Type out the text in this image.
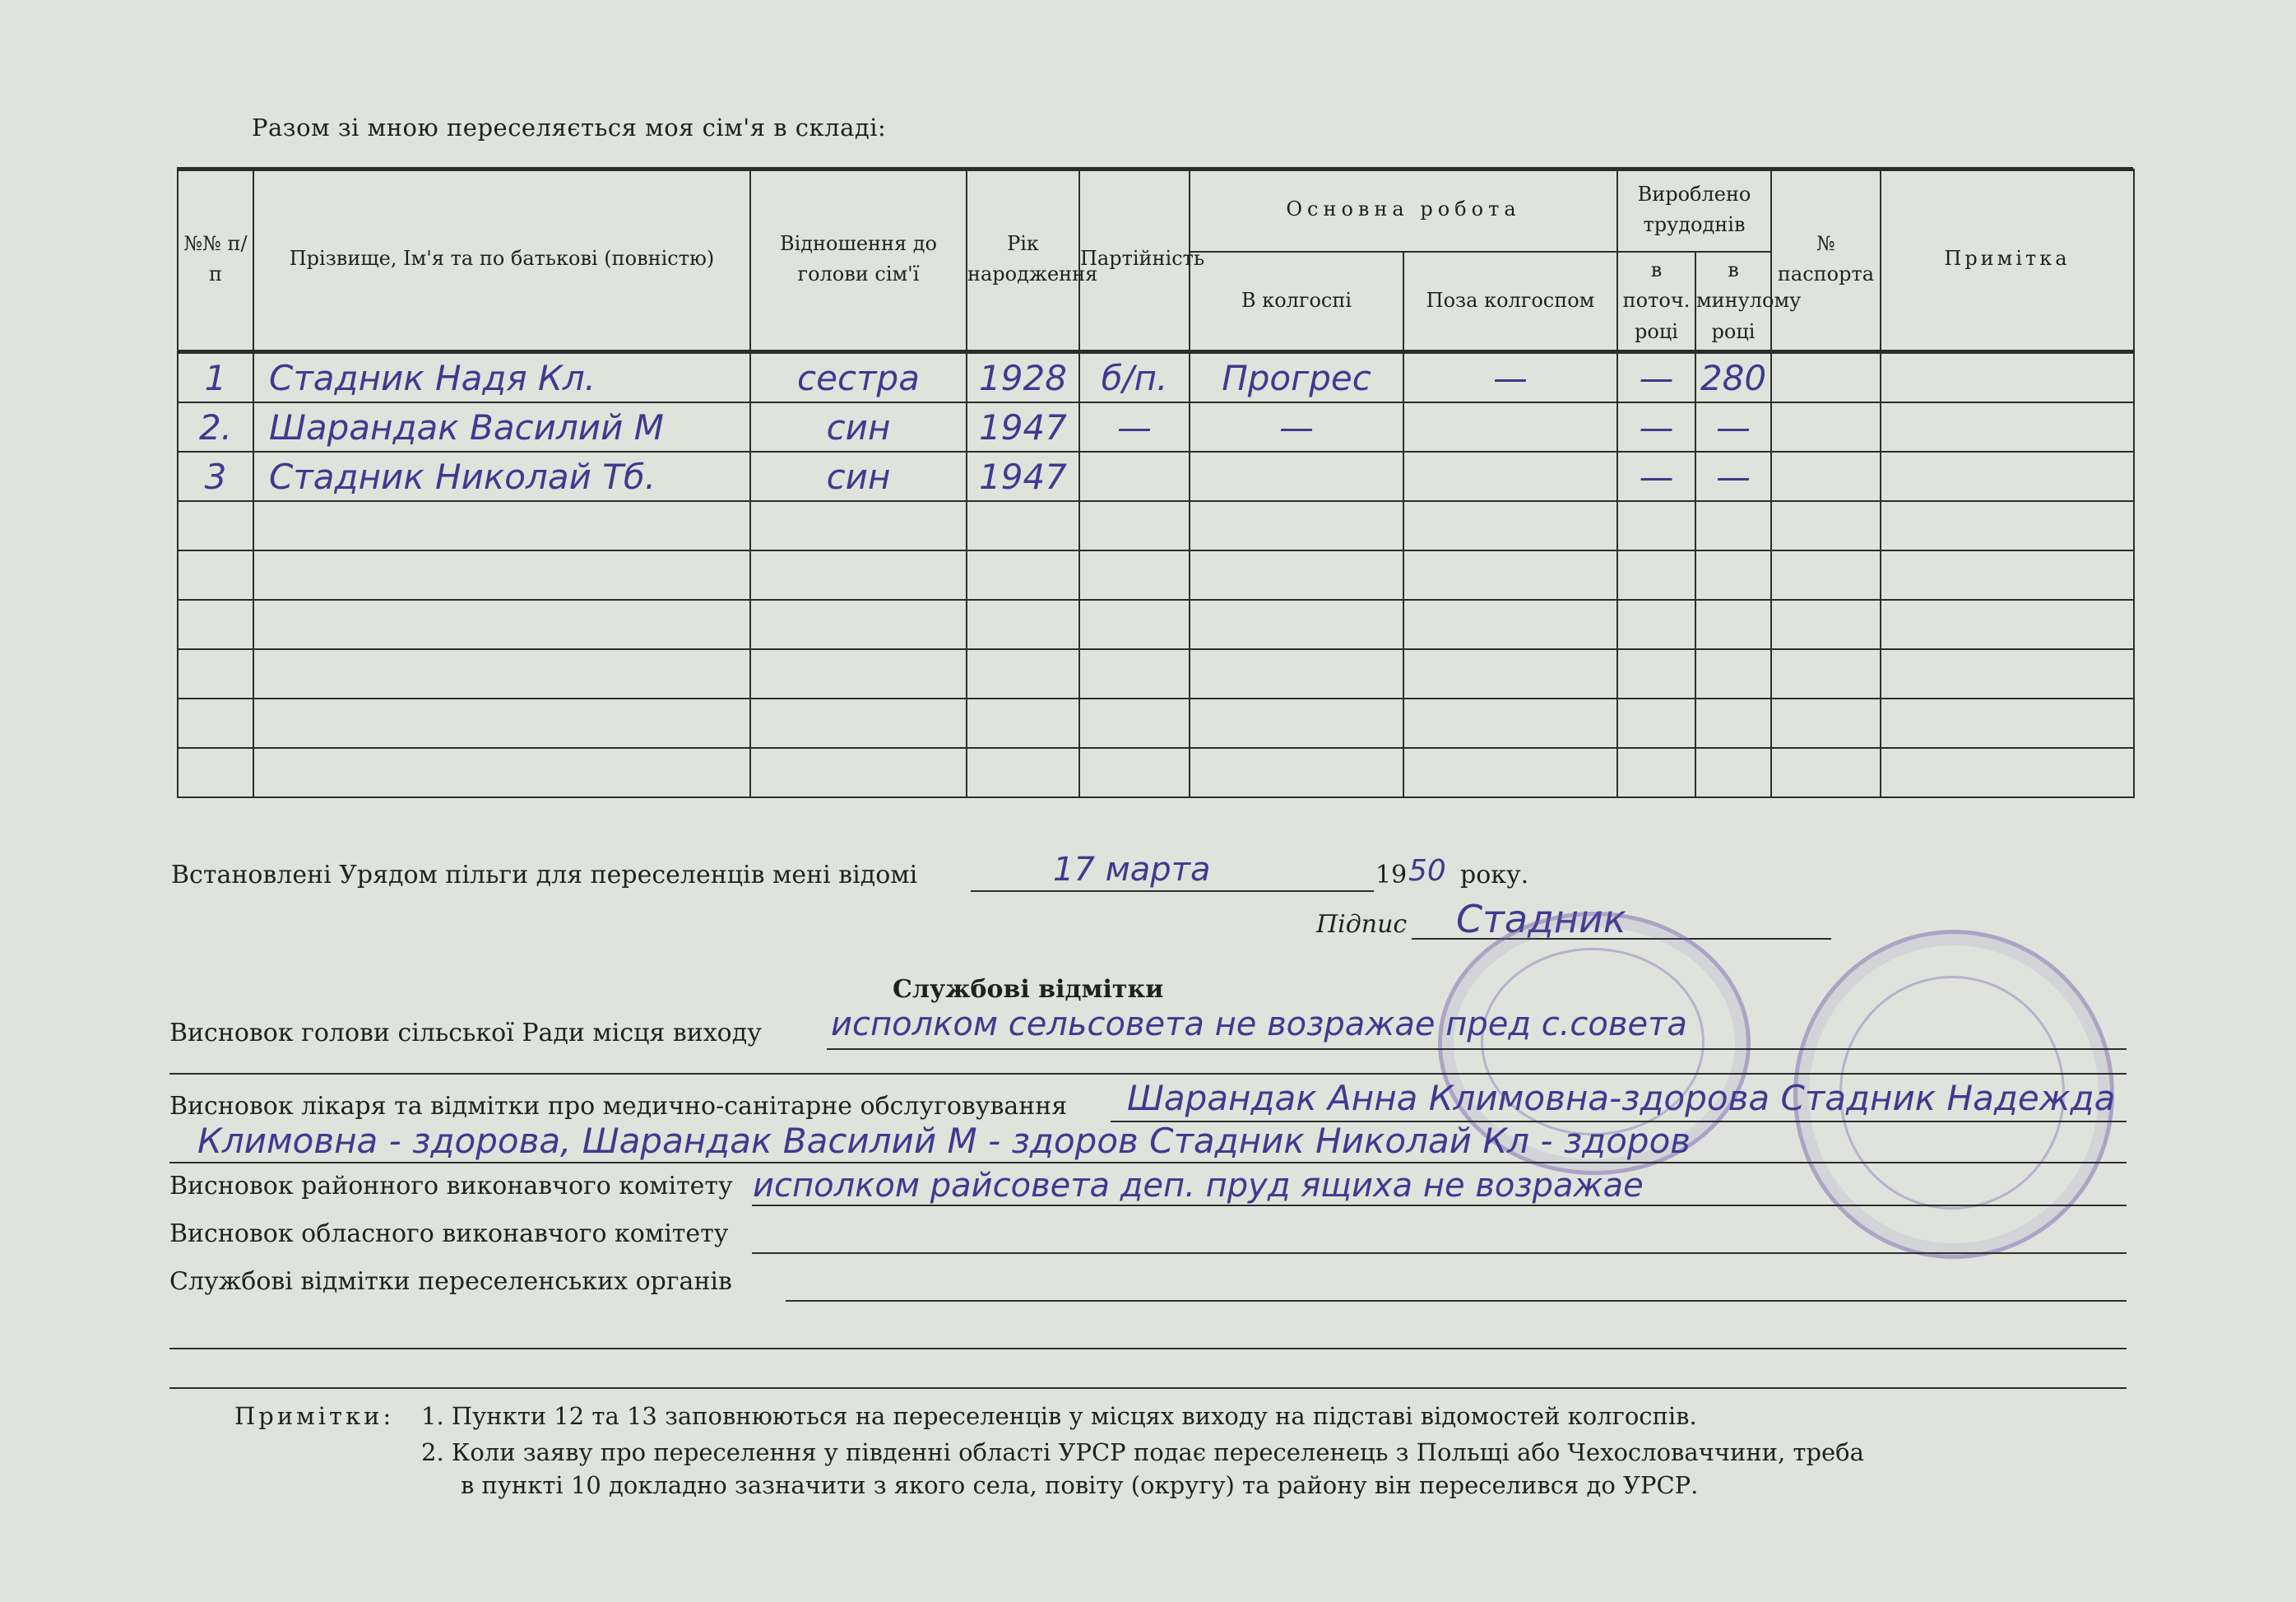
Разом зі мною переселяється моя сім'я в складі:
№№ п/п	Прізвище, Ім'я та по батькові (повністю)	Відношення до голови сім'ї	Рік народження	Партійність	Основна робота		Вироблено трудоднів		№ паспорта	Примітка
					В колгоспі	Поза колгоспом	в поточ. році	в минулому році		
1	Стадник Надя Кл.	сестра	1928	б/п.	Прогрес	—	—	280		
2.	Шарандак Василий М	син	1947	—	—		—	—		
3	Стадник Николай Тб.	син	1947				—	—		

Встановлені Урядом пільги для переселенців мені відомі	17 марта	19 50 року.
Підпис Стадник
Службові відмітки
Висновок голови сільської Ради місця виходу исполком сельсовета не возражае пред с.совета
Висновок лікаря та відмітки про медично-санітарне обслуговування Шарандак Анна Климовна-здорова Стадник Надежда
Климовна - здорова, Шарандак Василий М - здоров Стадник Николай Кл - здоров
Висновок районного виконавчого комітету исполком райсовета деп. пруд ящиха не возражае
Висновок обласного виконавчого комітету
Службові відмітки переселенських органів
Примітки: 1. Пункти 12 та 13 заповнюються на переселенців у місцях виходу на підставі відомостей колгоспів.
2. Коли заяву про переселення у південні області УРСР подає переселенець з Польщі або Чехословаччини, треба
в пункті 10 докладно зазначити з якого села, повіту (округу) та району він переселився до УРСР.
